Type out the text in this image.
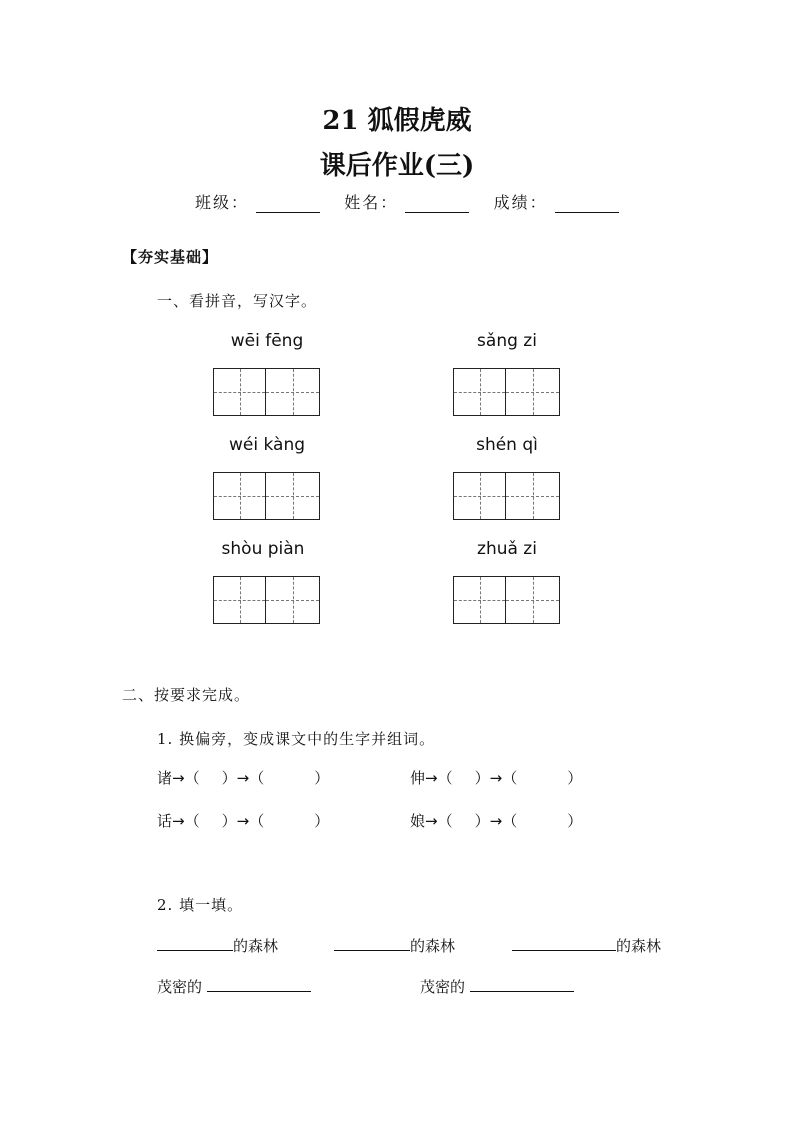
21 狐假虎威
课后作业(三)
班级：	姓名：	成绩：
【夯实基础】
一、看拼音，写汉字。
wēi fēng	sǎng zi
wéi kàng	shén qì
shòu piàn	zhuǎ zi
二、按要求完成。
1. 换偏旁，变成课文中的生字并组词。
诸→（ ）→（	）	伸→（ ）→（	）
话→（ ）→（	）	娘→（ ）→（	）
2. 填一填。
的森林	的森林	的森林
茂密的	茂密的
